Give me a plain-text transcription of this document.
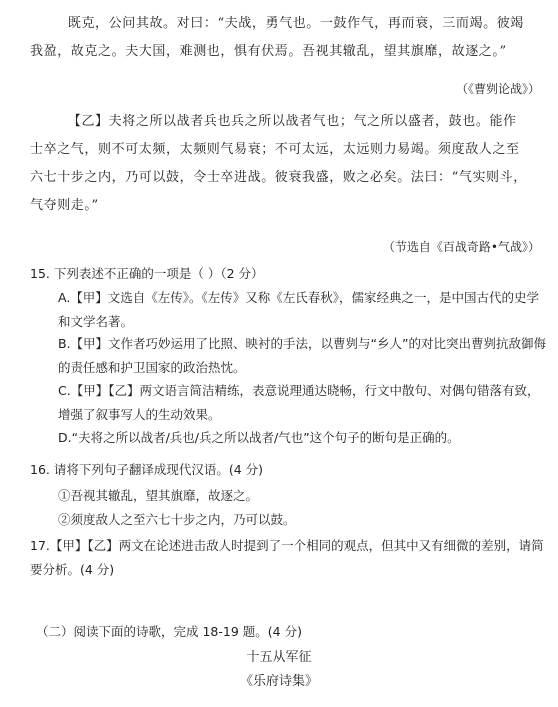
既克，公问其故。对曰：“夫战，勇气也。一鼓作气，再而衰，三而竭。彼竭我盈，故克之。夫大国，难测也，惧有伏焉。吾视其辙乱，望其旗靡，故逐之。”
（《曹刿论战》）
【乙】夫将之所以战者兵也兵之所以战者气也；气之所以盛者，鼓也。能作士卒之气，则不可太频，太频则气易衰；不可太远，太远则力易竭。须度敌人之至六七十步之内，乃可以鼓，令士卒进战。彼衰我盛，败之必矣。法曰：“气实则斗，气夺则走。”
（节选自《百战奇路•气战》）
15. 下列表述不正确的一项是（ ）（2 分）
A.【甲】文选自《左传》。《左传》又称《左氏春秋》，儒家经典之一，是中国古代的史学和文学名著。
B.【甲】文作者巧妙运用了比照、映衬的手法，以曹刿与“乡人”的对比突出曹刿抗敌御侮的责任感和护卫国家的政治热忱。
C.【甲】【乙】两文语言简洁精练，表意说理通达晓畅，行文中散句、对偶句错落有致，增强了叙事写人的生动效果。
D.“夫将之所以战者/兵也/兵之所以战者/气也”这个句子的断句是正确的。
16. 请将下列句子翻译成现代汉语。(4 分)
①吾视其辙乱，望其旗靡，故逐之。
②须度敌人之至六七十步之内，乃可以鼓。
17.【甲】【乙】两文在论述进击敌人时提到了一个相同的观点，但其中又有细微的差别，请简要分析。(4 分)
（二）阅读下面的诗歌，完成 18-19 题。(4 分)
十五从军征
《乐府诗集》
